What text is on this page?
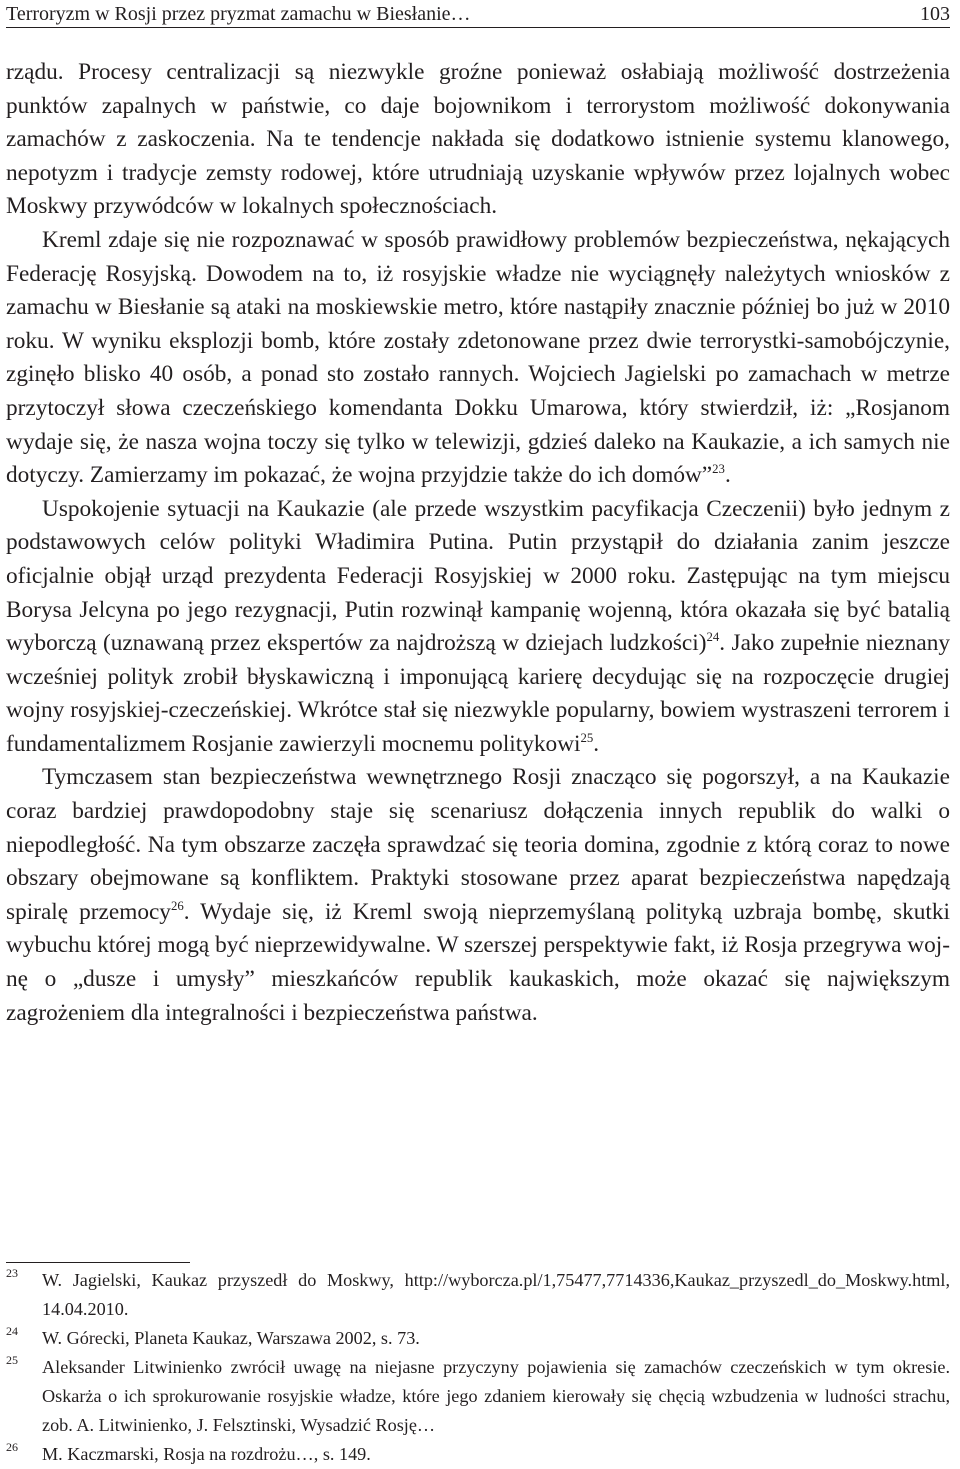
Terroryzm w Rosji przez pryzmat zamachu w Biesłanie…	103

rządu. Procesy centralizacji są niezwykle groźne ponieważ osłabiają możliwość dostrzeżenia punktów zapalnych w państwie, co daje bojownikom i terrorystom możliwość dokonywania zamachów z zaskoczenia. Na te tendencje nakłada się dodatkowo istnienie systemu klanowego, nepotyzm i tradycje zemsty rodowej, które utrudniają uzyskanie wpływów przez lojalnych wobec Moskwy przywódców w lokalnych społecznościach.

Kreml zdaje się nie rozpoznawać w sposób prawidłowy problemów bezpieczeństwa, nękających Federację Rosyjską. Dowodem na to, iż rosyjskie władze nie wyciągnęły należytych wniosków z zamachu w Biesłanie są ataki na moskiewskie metro, które nastąpiły znacznie później bo już w 2010 roku. W wyniku eksplozji bomb, które zostały zdetonowane przez dwie terrorystki-samobójczynie, zginęło blisko 40 osób, a ponad sto zostało rannych. Wojciech Jagielski po zamachach w metrze przytoczył słowa czeczeńskiego komendanta Dokku Umarowa, który stwierdził, iż: „Rosjanom wydaje się, że nasza wojna toczy się tylko w telewizji, gdzieś daleko na Kaukazie, a ich samych nie dotyczy. Zamierzamy im pokazać, że wojna przyjdzie także do ich domów”$^{23}$.

Uspokojenie sytuacji na Kaukazie (ale przede wszystkim pacyfikacja Czeczenii) było jednym z podstawowych celów polityki Władimira Putina. Putin przystąpił do działania zanim jeszcze oficjalnie objął urząd prezydenta Federacji Rosyjskiej w 2000 roku. Zastępując na tym miejscu Borysa Jelcyna po jego rezygnacji, Putin rozwinął kampanię wojenną, która okazała się być batalią wyborczą (uznawaną przez ekspertów za najdroższą w dziejach ludzkości)$^{24}$. Jako zupełnie nieznany wcześniej polityk zrobił błyskawiczną i imponującą karierę decydując się na rozpoczęcie drugiej wojny rosyjskiej-czeczeńskiej. Wkrótce stał się niezwykle popularny, bowiem wystraszeni terrorem i fundamentalizmem Rosjanie zawierzyli mocnemu politykowi$^{25}$.

Tymczasem stan bezpieczeństwa wewnętrznego Rosji znacząco się pogorszył, a na Kaukazie coraz bardziej prawdopodobny staje się scenariusz dołączenia innych republik do walki o niepodległość. Na tym obszarze zaczęła sprawdzać się teoria domina, zgodnie z którą coraz to nowe obszary obejmowane są konfliktem. Praktyki stosowane przez aparat bezpieczeństwa napędzają spiralę przemocy$^{26}$. Wydaje się, iż Kreml swoją nieprzemyślaną polityką uzbraja bombę, skutki wybuchu której mogą być nieprzewidywalne. W szerszej perspektywie fakt, iż Rosja przegrywa wojnę o „dusze i umysły” mieszkańców republik kaukaskich, może okazać się największym zagrożeniem dla integralności i bezpieczeństwa państwa.

23 W. Jagielski, Kaukaz przyszedł do Moskwy, http://wyborcza.pl/1,75477,7714336,Kaukaz_przyszedl_do_Moskwy.html, 14.04.2010.
24 W. Górecki, Planeta Kaukaz, Warszawa 2002, s. 73.
25 Aleksander Litwinienko zwrócił uwagę na niejasne przyczyny pojawienia się zamachów czeczeńskich w tym okresie. Oskarża o ich sprokurowanie rosyjskie władze, które jego zdaniem kierowały się chęcią wzbudzenia w ludności strachu, zob. A. Litwinienko, J. Felsztinski, Wysadzić Rosję…
26 M. Kaczmarski, Rosja na rozdrożu…, s. 149.
